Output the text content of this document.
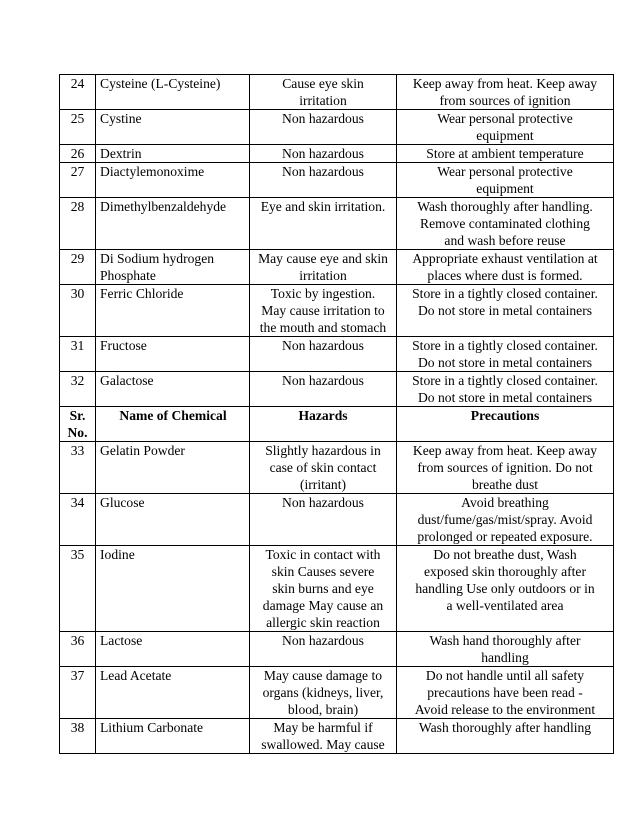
24	Cysteine (L-Cysteine)	Cause eye skin
irritation	Keep away from heat. Keep away
from sources of ignition

25	Cystine	Non hazardous	Wear personal protective
equipment

26	Dextrin	Non hazardous	Store at ambient temperature

27	Diactylemonoxime	Non hazardous	Wear personal protective
equipment

28	Dimethylbenzaldehyde	Eye and skin irritation.	Wash thoroughly after handling.
Remove contaminated clothing
and wash before reuse

29	Di Sodium hydrogen
Phosphate	May cause eye and skin
irritation	Appropriate exhaust ventilation at
places where dust is formed.

30	Ferric Chloride	Toxic by ingestion.
May cause irritation to
the mouth and stomach	Store in a tightly closed container.
Do not store in metal containers

31	Fructose	Non hazardous	Store in a tightly closed container.
Do not store in metal containers

32	Galactose	Non hazardous	Store in a tightly closed container.
Do not store in metal containers

Sr.
No.	Name of Chemical	Hazards	Precautions
33	Gelatin Powder	Slightly hazardous in
case of skin contact
(irritant)	Keep away from heat. Keep away
from sources of ignition. Do not
breathe dust

34	Glucose	Non hazardous	Avoid breathing
dust/fume/gas/mist/spray. Avoid
prolonged or repeated exposure.

35	Iodine	Toxic in contact with
skin Causes severe
skin burns and eye
damage May cause an
allergic skin reaction	Do not breathe dust, Wash
exposed skin thoroughly after
handling Use only outdoors or in
a well-ventilated area

36	Lactose	Non hazardous	Wash hand thoroughly after
handling

37	Lead Acetate	May cause damage to
organs (kidneys, liver,
blood, brain)	Do not handle until all safety
precautions have been read -
Avoid release to the environment

38	Lithium Carbonate	May be harmful if
swallowed. May cause	Wash thoroughly after handling
